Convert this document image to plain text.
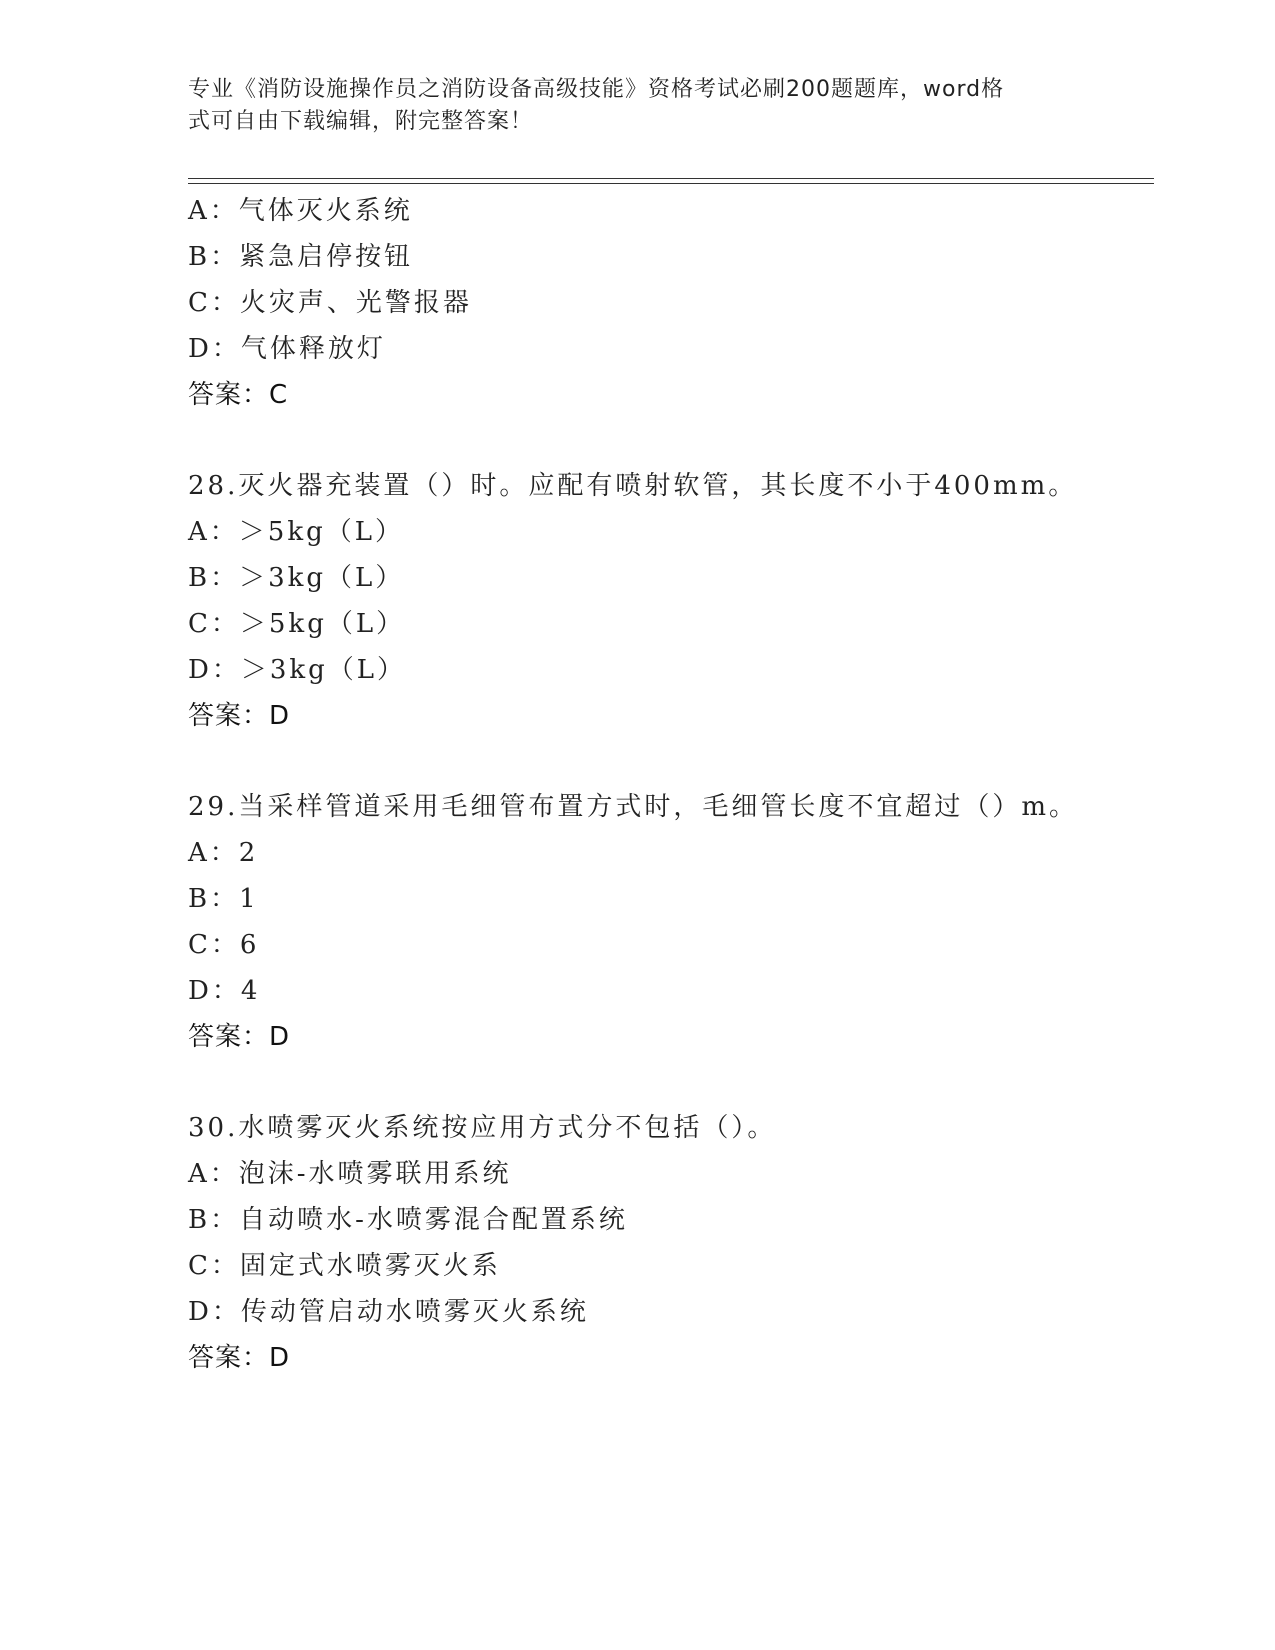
专业《消防设施操作员之消防设备高级技能》资格考试必刷200题题库，word格
式可自由下载编辑，附完整答案！
A：气体灭火系统
B：紧急启停按钮
C：火灾声、光警报器
D：气体释放灯
答案：C
28.灭火器充装置（）时。应配有喷射软管，其长度不小于400mm。
A：＞5kg（L）
B：＞3kg（L）
C：＞5kg（L）
D：＞3kg（L）
答案：D
29.当采样管道采用毛细管布置方式时，毛细管长度不宜超过（）m。
A：2
B：1
C：6
D：4
答案：D
30.水喷雾灭火系统按应用方式分不包括（）。
A：泡沫-水喷雾联用系统
B：自动喷水-水喷雾混合配置系统
C：固定式水喷雾灭火系
D：传动管启动水喷雾灭火系统
答案：D
